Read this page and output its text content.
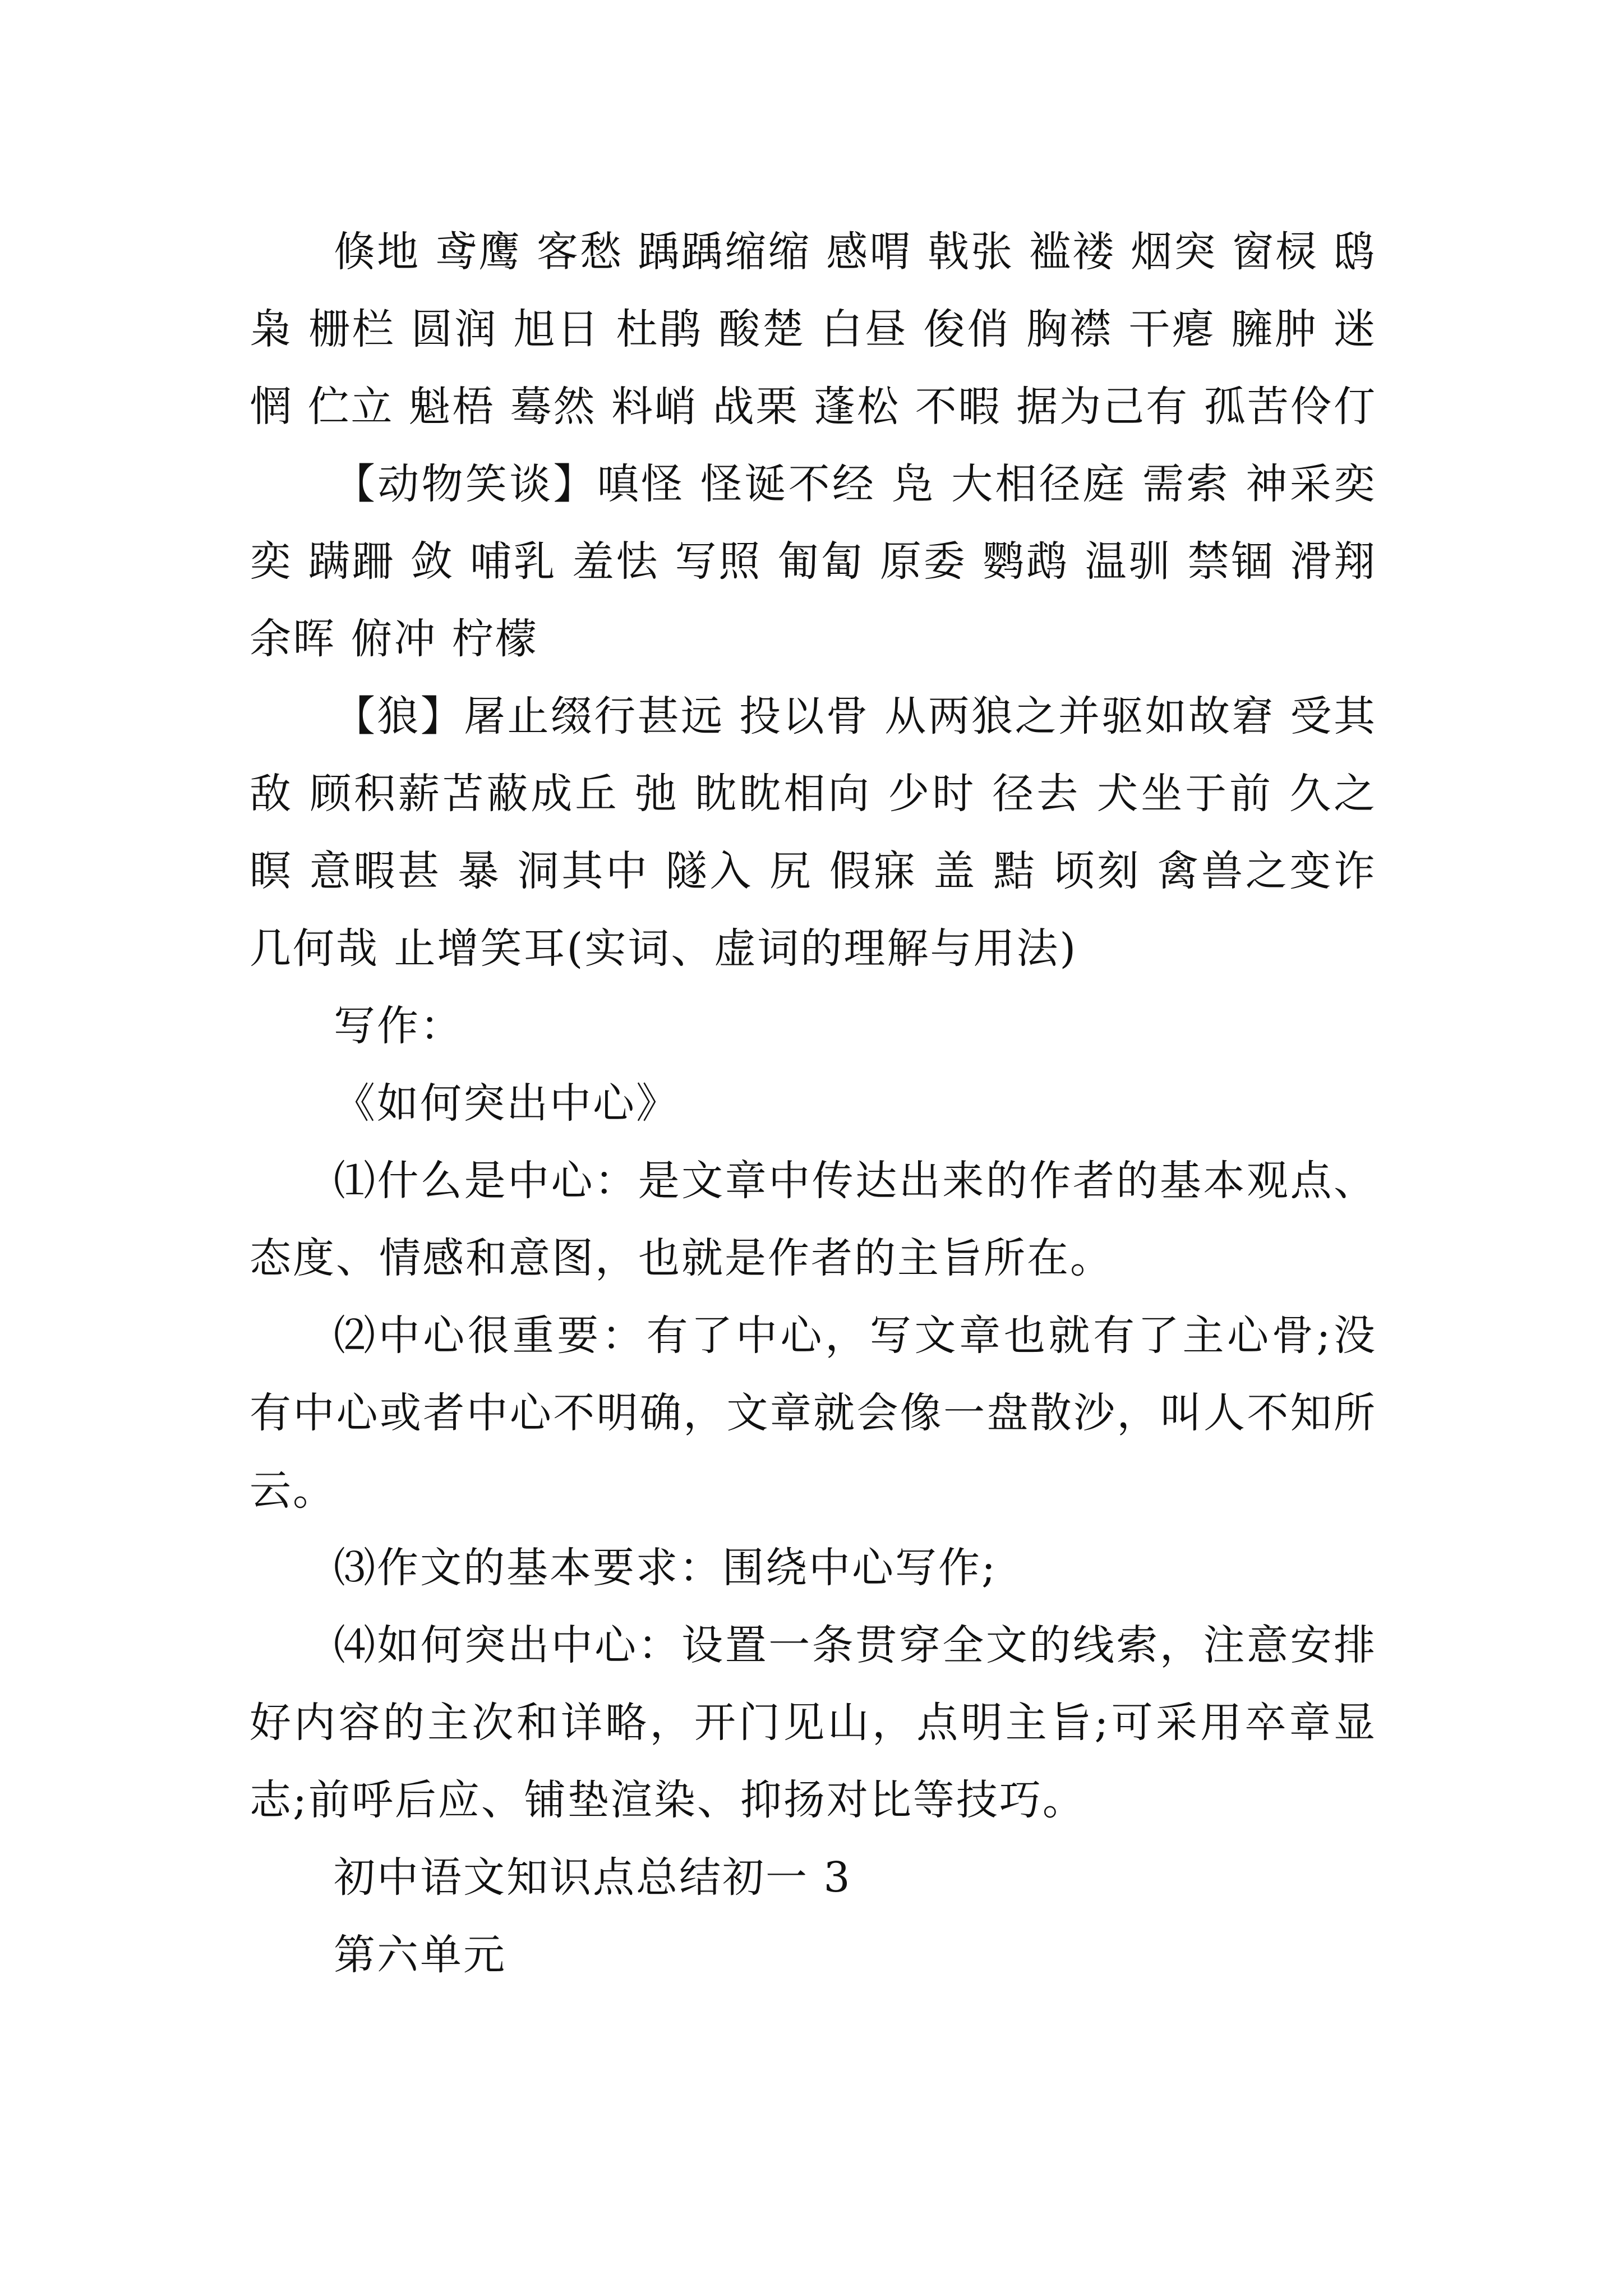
倏地 鸢鹰 客愁 踽踽缩缩 感喟 戟张 褴褛 烟突 窗棂 鸱枭 栅栏 圆润 旭日 杜鹃 酸楚 白昼 俊俏 胸襟 干瘪 臃肿 迷惘 伫立 魁梧 蓦然 料峭 战栗 蓬松 不暇 据为己有 孤苦伶仃

【动物笑谈】嗔怪 怪诞不经 凫 大相径庭 需索 神采奕奕 蹒跚 敛 哺乳 羞怯 写照 匍匐 原委 鹦鹉 温驯 禁锢 滑翔 余晖 俯冲 柠檬

【狼】屠止缀行甚远 投以骨 从两狼之并驱如故窘 受其敌 顾积薪苫蔽成丘 弛 眈眈相向 少时 径去 犬坐于前 久之 瞑 意暇甚 暴 洞其中 隧入 尻 假寐 盖 黠 顷刻 禽兽之变诈几何哉 止增笑耳(实词、虚词的理解与用法)

写作：

《如何突出中心》

⑴什么是中心：是文章中传达出来的作者的基本观点、态度、情感和意图，也就是作者的主旨所在。

⑵中心很重要：有了中心，写文章也就有了主心骨;没有中心或者中心不明确，文章就会像一盘散沙，叫人不知所云。

⑶作文的基本要求：围绕中心写作;

⑷如何突出中心：设置一条贯穿全文的线索，注意安排好内容的主次和详略，开门见山，点明主旨;可采用卒章显志;前呼后应、铺垫渲染、抑扬对比等技巧。

初中语文知识点总结初一 3

第六单元
